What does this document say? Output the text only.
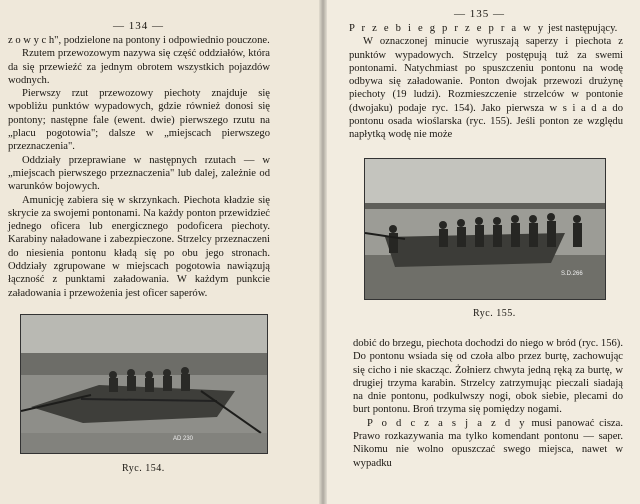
— 134 —

z o w y c h", podzielone na pontony i odpowiednio pouczone.

Rzutem przewozowym nazywa się część oddziałów, która da się przewieźć za jednym obrotem wszystkich pojazdów wodnych.

Pierwszy rzut przewozowy piechoty znajduje się wpobliżu punktów wypadowych, gdzie również donosi się pontony; następne fale (ewent. dwie) pierwszego rzutu na „placu pogotowia"; dalsze w „miejscach pierwszego przeznaczenia".

Oddziały przeprawiane w następnych rzutach — w „miejscach pierwszego przeznaczenia" lub dalej, zależnie od warunków bojowych.

Amunicję zabiera się w skrzynkach. Piechota kładzie się skrycie za swojemi pontonami. Na każdy ponton przewidzieć jednego oficera lub energicznego podoficera piechoty. Karabiny naładowane i zabezpieczone. Strzelcy przeznaczeni do niesienia pontonu kładą się po obu jego stronach. Oddziały zgrupowane w miejscach pogotowia nawiązują łączność z punktami załadowania. W każdym punkcie załadowania i przewożenia jest oficer saperów.

AD 230
Ryc. 154.
— 135 —

P r z e b i e g p r z e p r a w y jest następujący.

W oznaczonej minucie wyruszają saperzy i piechota z punktów wypadowych. Strzelcy postępują tuż za swemi pontonami. Natychmiast po spuszczeniu pontonu na wodę odbywa się załadowanie. Ponton dwojak przewozi drużynę piechoty (19 ludzi). Rozmieszczenie strzelców w pontonie (dwojaku) podaje ryc. 154). Jako pierwsza w s i a d a do pontonu osada wioślarska (ryc. 155). Jeśli ponton ze względu napłytką wodę nie może

S.D.266
Ryc. 155.

dobić do brzegu, piechota dochodzi do niego w bród (ryc. 156). Do pontonu wsiada się od czoła albo przez burtę, zachowując się cicho i nie skacząc. Żołnierz chwyta jedną ręką za burtę, w drugiej trzyma karabin. Strzelcy zatrzymując pieczali siadają na dnie pontonu, podkulwszy nogi, obok siebie, plecami do burt pontonu. Broń trzyma się pomiędzy nogami.

P o d c z a s j a z d y musi panować cisza. Prawo rozkazywania ma tylko komendant pontonu — saper. Nikomu nie wolno opuszczać swego miejsca, nawet w wypadku
